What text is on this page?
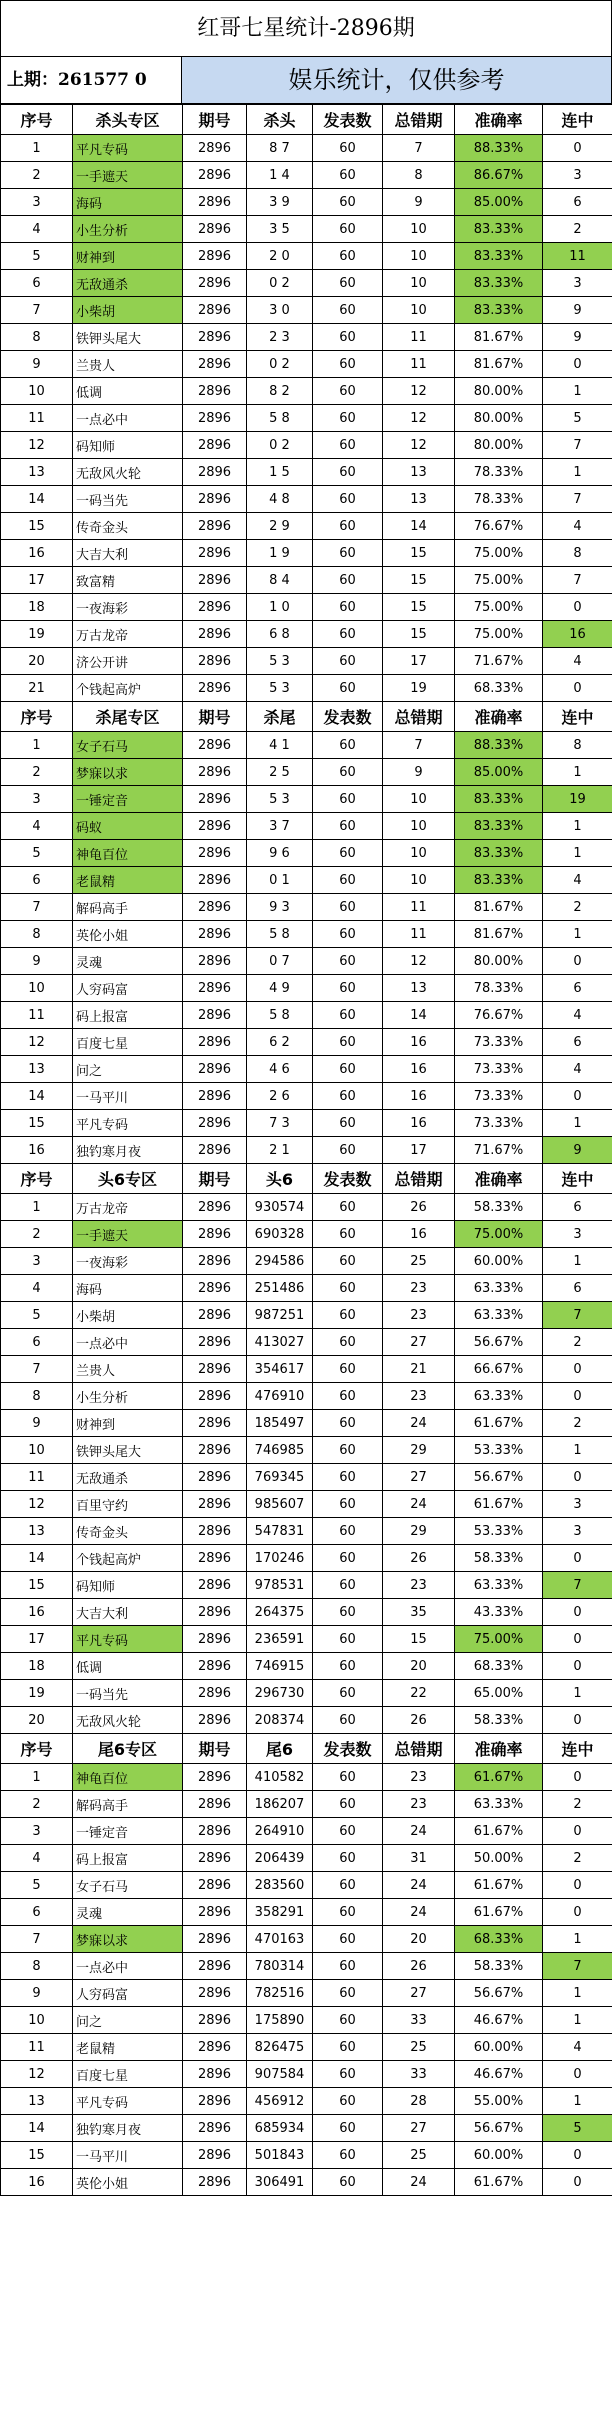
红哥七星统计-2896期
上期：261577 0	娱乐统计，仅供参考
序号	杀头专区	期号	杀头	发表数	总错期	准确率	连中
1	平凡专码	2896	8 7	60	7	88.33%	0
2	一手遮天	2896	1 4	60	8	86.67%	3
3	海码	2896	3 9	60	9	85.00%	6
4	小生分析	2896	3 5	60	10	83.33%	2
5	财神到	2896	2 0	60	10	83.33%	11
6	无敌通杀	2896	0 2	60	10	83.33%	3
7	小柴胡	2896	3 0	60	10	83.33%	9
8	铁钾头尾大	2896	2 3	60	11	81.67%	9
9	兰贵人	2896	0 2	60	11	81.67%	0
10	低调	2896	8 2	60	12	80.00%	1
11	一点必中	2896	5 8	60	12	80.00%	5
12	码知师	2896	0 2	60	12	80.00%	7
13	无敌风火轮	2896	1 5	60	13	78.33%	1
14	一码当先	2896	4 8	60	13	78.33%	7
15	传奇金头	2896	2 9	60	14	76.67%	4
16	大吉大利	2896	1 9	60	15	75.00%	8
17	致富精	2896	8 4	60	15	75.00%	7
18	一夜海彩	2896	1 0	60	15	75.00%	0
19	万古龙帝	2896	6 8	60	15	75.00%	16
20	济公开讲	2896	5 3	60	17	71.67%	4
21	个钱起高炉	2896	5 3	60	19	68.33%	0
序号	杀尾专区	期号	杀尾	发表数	总错期	准确率	连中
1	女子石马	2896	4 1	60	7	88.33%	8
2	梦寐以求	2896	2 5	60	9	85.00%	1
3	一锤定音	2896	5 3	60	10	83.33%	19
4	码蚁	2896	3 7	60	10	83.33%	1
5	神龟百位	2896	9 6	60	10	83.33%	1
6	老鼠精	2896	0 1	60	10	83.33%	4
7	解码高手	2896	9 3	60	11	81.67%	2
8	英伦小姐	2896	5 8	60	11	81.67%	1
9	灵魂	2896	0 7	60	12	80.00%	0
10	人穷码富	2896	4 9	60	13	78.33%	6
11	码上报富	2896	5 8	60	14	76.67%	4
12	百度七星	2896	6 2	60	16	73.33%	6
13	问之	2896	4 6	60	16	73.33%	4
14	一马平川	2896	2 6	60	16	73.33%	0
15	平凡专码	2896	7 3	60	16	73.33%	1
16	独钓寒月夜	2896	2 1	60	17	71.67%	9
序号	头6专区	期号	头6	发表数	总错期	准确率	连中
1	万古龙帝	2896	930574	60	26	58.33%	6
2	一手遮天	2896	690328	60	16	75.00%	3
3	一夜海彩	2896	294586	60	25	60.00%	1
4	海码	2896	251486	60	23	63.33%	6
5	小柴胡	2896	987251	60	23	63.33%	7
6	一点必中	2896	413027	60	27	56.67%	2
7	兰贵人	2896	354617	60	21	66.67%	0
8	小生分析	2896	476910	60	23	63.33%	0
9	财神到	2896	185497	60	24	61.67%	2
10	铁钾头尾大	2896	746985	60	29	53.33%	1
11	无敌通杀	2896	769345	60	27	56.67%	0
12	百里守约	2896	985607	60	24	61.67%	3
13	传奇金头	2896	547831	60	29	53.33%	3
14	个钱起高炉	2896	170246	60	26	58.33%	0
15	码知师	2896	978531	60	23	63.33%	7
16	大吉大利	2896	264375	60	35	43.33%	0
17	平凡专码	2896	236591	60	15	75.00%	0
18	低调	2896	746915	60	20	68.33%	0
19	一码当先	2896	296730	60	22	65.00%	1
20	无敌风火轮	2896	208374	60	26	58.33%	0
序号	尾6专区	期号	尾6	发表数	总错期	准确率	连中
1	神龟百位	2896	410582	60	23	61.67%	0
2	解码高手	2896	186207	60	23	63.33%	2
3	一锤定音	2896	264910	60	24	61.67%	0
4	码上报富	2896	206439	60	31	50.00%	2
5	女子石马	2896	283560	60	24	61.67%	0
6	灵魂	2896	358291	60	24	61.67%	0
7	梦寐以求	2896	470163	60	20	68.33%	1
8	一点必中	2896	780314	60	26	58.33%	7
9	人穷码富	2896	782516	60	27	56.67%	1
10	问之	2896	175890	60	33	46.67%	1
11	老鼠精	2896	826475	60	25	60.00%	4
12	百度七星	2896	907584	60	33	46.67%	0
13	平凡专码	2896	456912	60	28	55.00%	1
14	独钓寒月夜	2896	685934	60	27	56.67%	5
15	一马平川	2896	501843	60	25	60.00%	0
16	英伦小姐	2896	306491	60	24	61.67%	0
